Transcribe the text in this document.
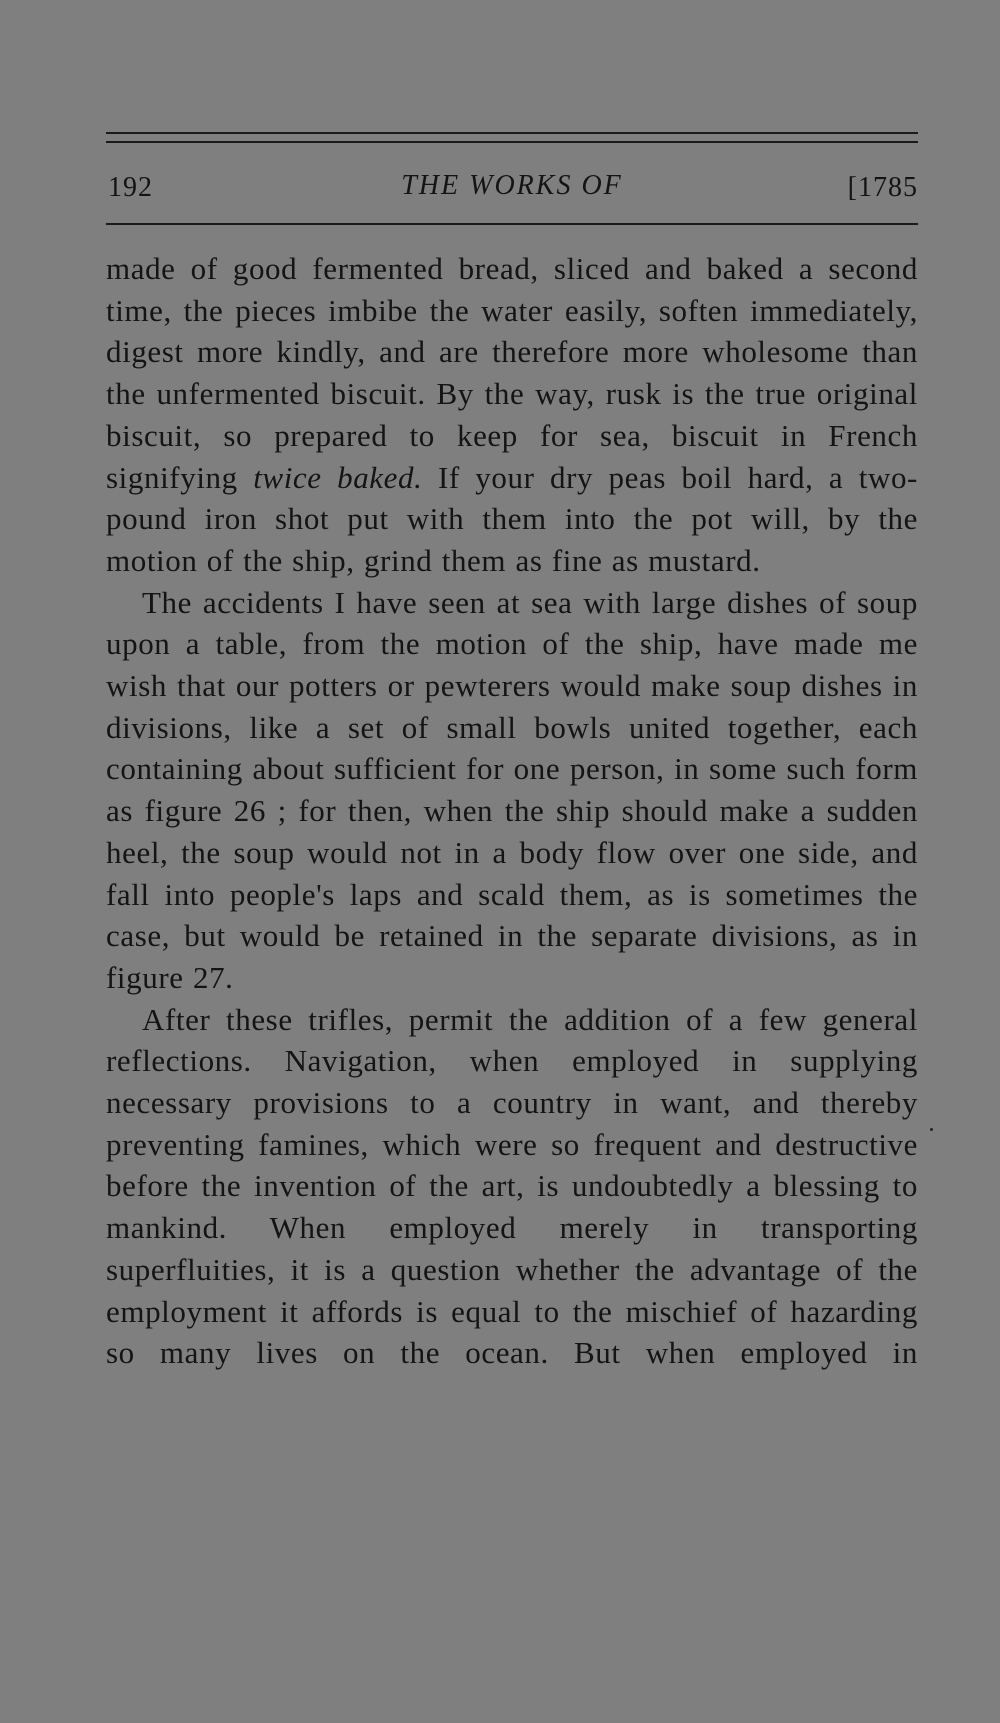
192	THE WORKS OF	[1785

made of good fermented bread, sliced and baked a second time, the pieces imbibe the water easily, soften immediately, digest more kindly, and are therefore more wholesome than the unfermented biscuit. By the way, rusk is the true original biscuit, so prepared to keep for sea, biscuit in French signifying twice baked. If your dry peas boil hard, a two-pound iron shot put with them into the pot will, by the motion of the ship, grind them as fine as mustard.

The accidents I have seen at sea with large dishes of soup upon a table, from the motion of the ship, have made me wish that our potters or pewterers would make soup dishes in divisions, like a set of small bowls united together, each containing about sufficient for one person, in some such form as figure 26 ; for then, when the ship should make a sudden heel, the soup would not in a body flow over one side, and fall into people's laps and scald them, as is sometimes the case, but would be retained in the separate divisions, as in figure 27.

After these trifles, permit the addition of a few general reflections. Navigation, when employed in supplying necessary provisions to a country in want, and thereby preventing famines, which were so frequent and destructive before the invention of the art, is undoubtedly a blessing to mankind. When employed merely in transporting superfluities, it is a question whether the advantage of the employment it affords is equal to the mischief of hazarding so many lives on the ocean. But when employed in
